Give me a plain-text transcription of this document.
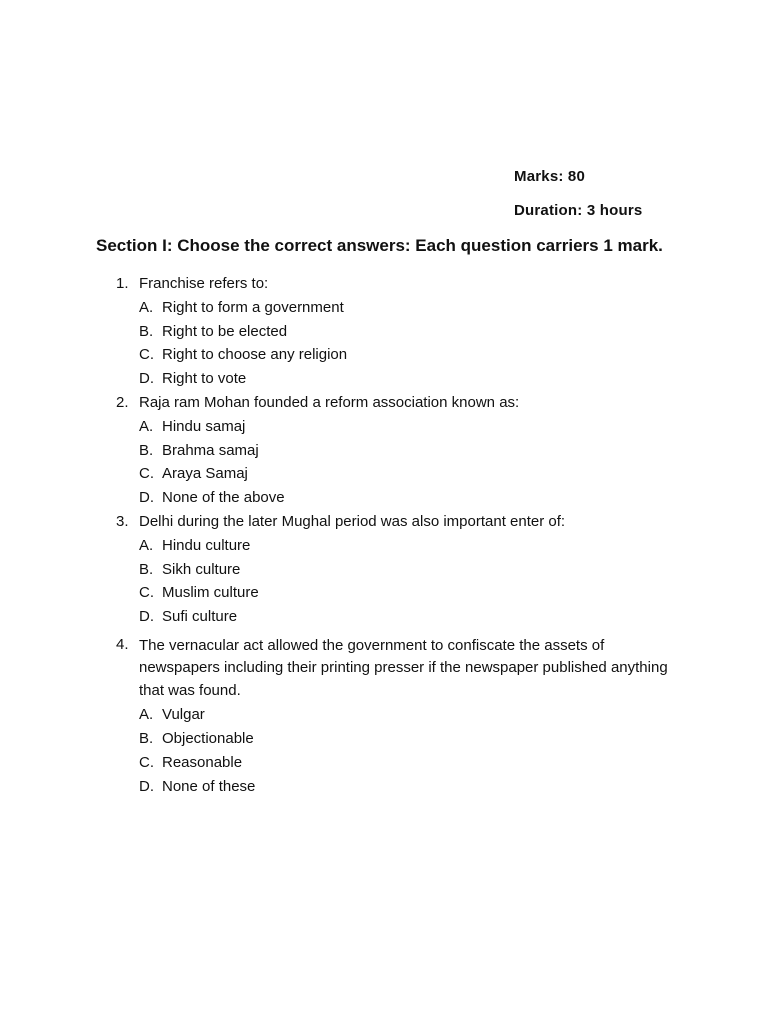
Marks: 80
Duration: 3 hours
Section I: Choose the correct answers: Each question carriers 1 mark.
1. Franchise refers to:
A. Right to form a government
B. Right to be elected
C. Right to choose any religion
D. Right to vote
2. Raja ram Mohan founded a reform association known as:
A. Hindu samaj
B. Brahma samaj
C. Araya Samaj
D. None of the above
3. Delhi during the later Mughal period was also important enter of:
A. Hindu culture
B. Sikh culture
C. Muslim culture
D. Sufi culture
4. The vernacular act allowed the government to confiscate the assets of newspapers including their printing presser if the newspaper published anything that was found.
A. Vulgar
B. Objectionable
C. Reasonable
D. None of these
